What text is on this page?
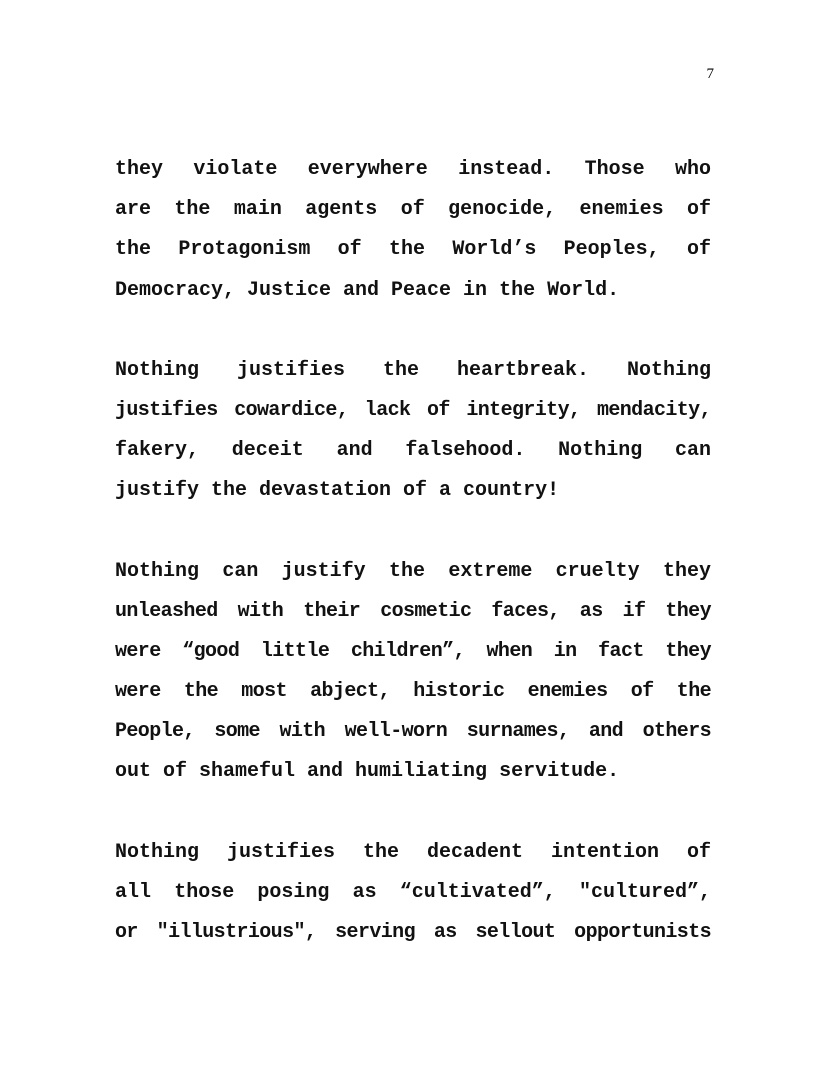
7
they violate everywhere instead. Those who
are the main agents of genocide, enemies of
the Protagonism of the World’s Peoples, of
Democracy, Justice and Peace in the World.
Nothing justifies the heartbreak. Nothing
justifies cowardice, lack of integrity, mendacity,
fakery, deceit and falsehood. Nothing can
justify the devastation of a country!
Nothing can justify the extreme cruelty they
unleashed with their cosmetic faces, as if they
were “good little children”, when in fact they
were the most abject, historic enemies of the
People, some with well-worn surnames, and others
out of shameful and humiliating servitude.
Nothing justifies the decadent intention of
all those posing as “cultivated”, "cultured”,
or "illustrious", serving as sellout opportunists
